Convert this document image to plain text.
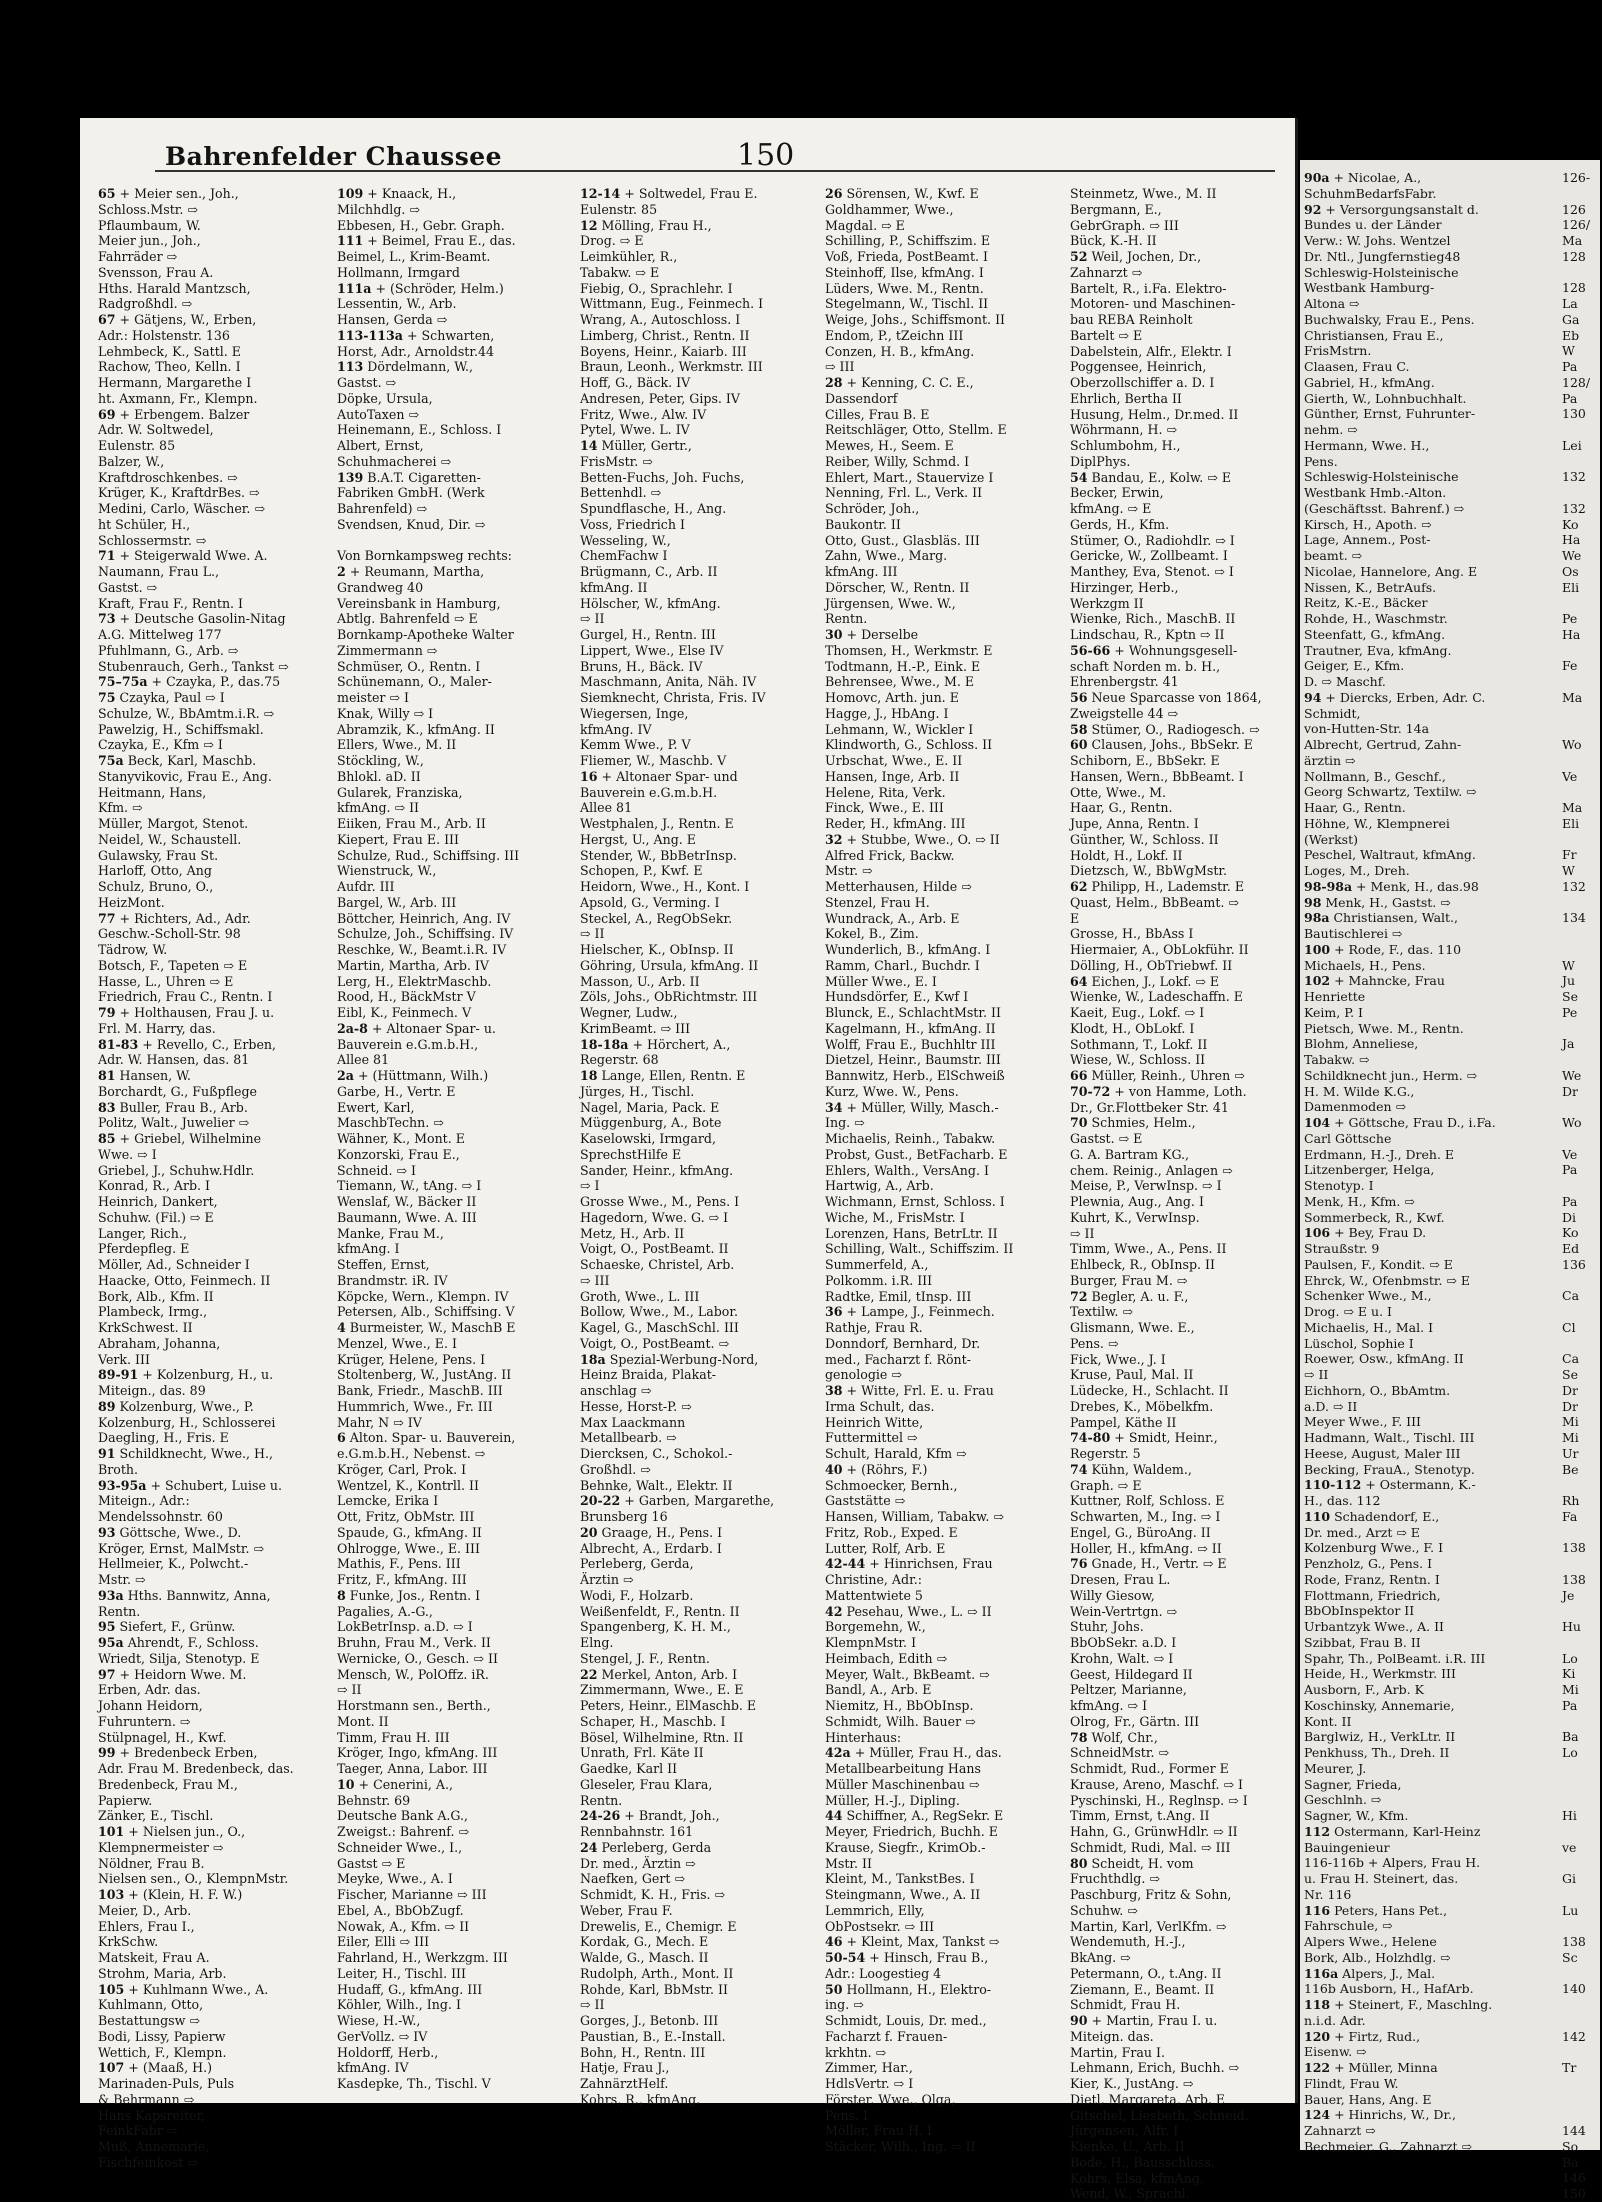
Bahrenfelder Chaussee	150
65 + Meier sen., Joh.,
Schloss.Mstr. ⇨
Pflaumbaum, W.
Meier jun., Joh.,
Fahrräder ⇨
Svensson, Frau A.
Hths. Harald Mantzsch,
Radgroßhdl. ⇨
67 + Gätjens, W., Erben,
Adr.: Holstenstr. 136
Lehmbeck, K., Sattl. E
Rachow, Theo, Kelln. I
Hermann, Margarethe I
ht. Axmann, Fr., Klempn.
69 + Erbengem. Balzer
Adr. W. Soltwedel,
Eulenstr. 85
Balzer, W.,
Kraftdroschkenbes. ⇨
Krüger, K., KraftdrBes. ⇨
Medini, Carlo, Wäscher. ⇨
ht Schüler, H.,
Schlossermstr. ⇨
71 + Steigerwald Wwe. A.
Naumann, Frau L.,
Gastst. ⇨
Kraft, Frau F., Rentn. I
73 + Deutsche Gasolin-Nitag
A.G. Mittelweg 177
Pfuhlmann, G., Arb. ⇨
Stubenrauch, Gerh., Tankst ⇨
75–75a + Czayka, P., das.75
75 Czayka, Paul ⇨ I
Schulze, W., BbAmtm.i.R. ⇨
Pawelzig, H., Schiffsmakl.
Czayka, E., Kfm ⇨ I
75a Beck, Karl, Maschb.
Stanyvikovic, Frau E., Ang.
Heitmann, Hans,
Kfm. ⇨
Müller, Margot, Stenot.
Neidel, W., Schaustell.
Gulawsky, Frau St.
Harloff, Otto, Ang
Schulz, Bruno, O.,
HeizMont.
77 + Richters, Ad., Adr.
Geschw.-Scholl-Str. 98
Tädrow, W.
Botsch, F., Tapeten ⇨ E
Hasse, L., Uhren ⇨ E
Friedrich, Frau C., Rentn. I
79 + Holthausen, Frau J. u.
Frl. M. Harry, das.
81-83 + Revello, C., Erben,
Adr. W. Hansen, das. 81
81 Hansen, W.
Borchardt, G., Fußpflege
83 Buller, Frau B., Arb.
Politz, Walt., Juwelier ⇨
85 + Griebel, Wilhelmine
Wwe. ⇨ I
Griebel, J., Schuhw.Hdlr.
Konrad, R., Arb. I
Heinrich, Dankert,
Schuhw. (Fil.) ⇨ E
Langer, Rich.,
Pferdepfleg. E
Möller, Ad., Schneider I
Haacke, Otto, Feinmech. II
Bork, Alb., Kfm. II
Plambeck, Irmg.,
KrkSchwest. II
Abraham, Johanna,
Verk. III
89-91 + Kolzenburg, H., u.
Miteign., das. 89
89 Kolzenburg, Wwe., P.
Kolzenburg, H., Schlosserei
Daegling, H., Fris. E
91 Schildknecht, Wwe., H.,
Broth.
93-95a + Schubert, Luise u.
Miteign., Adr.:
Mendelssohnstr. 60
93 Göttsche, Wwe., D.
Kröger, Ernst, MalMstr. ⇨
Hellmeier, K., Polwcht.-
Mstr. ⇨
93a Hths. Bannwitz, Anna,
Rentn.
95 Siefert, F., Grünw.
95a Ahrendt, F., Schloss.
Wriedt, Silja, Stenotyp. E
97 + Heidorn Wwe. M.
Erben, Adr. das.
Johann Heidorn,
Fuhruntern. ⇨
Stülpnagel, H., Kwf.
99 + Bredenbeck Erben,
Adr. Frau M. Bredenbeck, das.
Bredenbeck, Frau M.,
Papierw.
Zänker, E., Tischl.
101 + Nielsen jun., O.,
Klempnermeister ⇨
Nöldner, Frau B.
Nielsen sen., O., KlempnMstr.
103 + (Klein, H. F. W.)
Meier, D., Arb.
Ehlers, Frau I.,
KrkSchw.
Matskeit, Frau A.
Strohm, Maria, Arb.
105 + Kuhlmann Wwe., A.
Kuhlmann, Otto,
Bestattungsw ⇨
Bodi, Lissy, Papierw
Wettich, F., Klempn.
107 + (Maaß, H.)
Marinaden-Puls, Puls
& Behrmann ⇨
Hans Kapsreiter,
FeinkFabr ⇨
Muß, Annemarie,
Fischfeinkost ⇨
109 + Knaack, H.,
Milchhdlg. ⇨
Ebbesen, H., Gebr. Graph.
111 + Beimel, Frau E., das.
Beimel, L., Krim-Beamt.
Hollmann, Irmgard
111a + (Schröder, Helm.)
Lessentin, W., Arb.
Hansen, Gerda ⇨
113-113a + Schwarten,
Horst, Adr., Arnoldstr.44
113 Dördelmann, W.,
Gastst. ⇨
Döpke, Ursula,
AutoTaxen ⇨
Heinemann, E., Schloss. I
Albert, Ernst,
Schuhmacherei ⇨
139 B.A.T. Cigaretten-
Fabriken GmbH. (Werk
Bahrenfeld) ⇨
Svendsen, Knud, Dir. ⇨

Von Bornkampsweg rechts:
2 + Reumann, Martha,
Grandweg 40
Vereinsbank in Hamburg,
Abtlg. Bahrenfeld ⇨ E
Bornkamp-Apotheke Walter
Zimmermann ⇨
Schmüser, O., Rentn. I
Schünemann, O., Maler-
meister ⇨ I
Knak, Willy ⇨ I
Abramzik, K., kfmAng. II
Ellers, Wwe., M. II
Stöckling, W.,
Bhlokl. aD. II
Gularek, Franziska,
kfmAng. ⇨ II
Eiiken, Frau M., Arb. II
Kiepert, Frau E. III
Schulze, Rud., Schiffsing. III
Wienstruck, W.,
Aufdr. III
Bargel, W., Arb. III
Böttcher, Heinrich, Ang. IV
Schulze, Joh., Schiffsing. IV
Reschke, W., Beamt.i.R. IV
Martin, Martha, Arb. IV
Lerg, H., ElektrMaschb.
Rood, H., BäckMstr V
Eibl, K., Feinmech. V
2a-8 + Altonaer Spar- u.
Bauverein e.G.m.b.H.,
Allee 81
2a + (Hüttmann, Wilh.)
Garbe, H., Vertr. E
Ewert, Karl,
MaschbTechn. ⇨
Wähner, K., Mont. E
Konzorski, Frau E.,
Schneid. ⇨ I
Tiemann, W., tAng. ⇨ I
Wenslaf, W., Bäcker II
Baumann, Wwe. A. III
Manke, Frau M.,
kfmAng. I
Steffen, Ernst,
Brandmstr. iR. IV
Köpcke, Wern., Klempn. IV
Petersen, Alb., Schiffsing. V
4 Burmeister, W., MaschB E
Menzel, Wwe., E. I
Krüger, Helene, Pens. I
Stoltenberg, W., JustAng. II
Bank, Friedr., MaschB. III
Hummrich, Wwe., Fr. III
Mahr, N ⇨ IV
6 Alton. Spar- u. Bauverein,
e.G.m.b.H., Nebenst. ⇨
Kröger, Carl, Prok. I
Wentzel, K., Kontrll. II
Lemcke, Erika I
Ott, Fritz, ObMstr. III
Spaude, G., kfmAng. II
Ohlrogge, Wwe., E. III
Mathis, F., Pens. III
Fritz, F., kfmAng. III
8 Funke, Jos., Rentn. I
Pagalies, A.-G.,
LokBetrInsp. a.D. ⇨ I
Bruhn, Frau M., Verk. II
Wernicke, O., Gesch. ⇨ II
Mensch, W., PolOffz. iR.
⇨ II
Horstmann sen., Berth.,
Mont. II
Timm, Frau H. III
Kröger, Ingo, kfmAng. III
Taeger, Anna, Labor. III
10 + Cenerini, A.,
Behnstr. 69
Deutsche Bank A.G.,
Zweigst.: Bahrenf. ⇨
Schneider Wwe., I.,
Gastst ⇨ E
Meyke, Wwe., A. I
Fischer, Marianne ⇨ III
Ebel, A., BbObZugf.
Nowak, A., Kfm. ⇨ II
Eiler, Elli ⇨ III
Fahrland, H., Werkzgm. III
Leiter, H., Tischl. III
Hudaff, G., kfmAng. III
Köhler, Wilh., Ing. I
Wiese, H.-W.,
GerVollz. ⇨ IV
Holdorff, Herb.,
kfmAng. IV
Kasdepke, Th., Tischl. V
12-14 + Soltwedel, Frau E.
Eulenstr. 85
12 Mölling, Frau H.,
Drog. ⇨ E
Leimkühler, R.,
Tabakw. ⇨ E
Fiebig, O., Sprachlehr. I
Wittmann, Eug., Feinmech. I
Wrang, A., Autoschloss. I
Limberg, Christ., Rentn. II
Boyens, Heinr., Kaiarb. III
Braun, Leonh., Werkmstr. III
Hoff, G., Bäck. IV
Andresen, Peter, Gips. IV
Fritz, Wwe., Alw. IV
Pytel, Wwe. L. IV
14 Müller, Gertr.,
FrisMstr. ⇨
Betten-Fuchs, Joh. Fuchs,
Bettenhdl. ⇨
Spundflasche, H., Ang.
Voss, Friedrich I
Wesseling, W.,
ChemFachw I
Brügmann, C., Arb. II
kfmAng. II
Hölscher, W., kfmAng.
⇨ II
Gurgel, H., Rentn. III
Lippert, Wwe., Else IV
Bruns, H., Bäck. IV
Maschmann, Anita, Näh. IV
Siemknecht, Christa, Fris. IV
Wiegersen, Inge,
kfmAng. IV
Kemm Wwe., P. V
Fliemer, W., Maschb. V
16 + Altonaer Spar- und
Bauverein e.G.m.b.H.
Allee 81
Westphalen, J., Rentn. E
Hergst, U., Ang. E
Stender, W., BbBetrInsp.
Schopen, P., Kwf. E
Heidorn, Wwe., H., Kont. I
Apsold, G., Verming. I
Steckel, A., RegObSekr.
⇨ II
Hielscher, K., ObInsp. II
Göhring, Ursula, kfmAng. II
Masson, U., Arb. II
Zöls, Johs., ObRichtmstr. III
Wegner, Ludw.,
KrimBeamt. ⇨ III
18-18a + Hörchert, A.,
Regerstr. 68
18 Lange, Ellen, Rentn. E
Jürges, H., Tischl.
Nagel, Maria, Pack. E
Müggenburg, A., Bote
Kaselowski, Irmgard,
SprechstHilfe E
Sander, Heinr., kfmAng.
⇨ I
Grosse Wwe., M., Pens. I
Hagedorn, Wwe. G. ⇨ I
Metz, H., Arb. II
Voigt, O., PostBeamt. II
Schaeske, Christel, Arb.
⇨ III
Groth, Wwe., L. III
Bollow, Wwe., M., Labor.
Kagel, G., MaschSchl. III
Voigt, O., PostBeamt. ⇨
18a Spezial-Werbung-Nord,
Heinz Braida, Plakat-
anschlag ⇨
Hesse, Horst-P. ⇨
Max Laackmann
Metallbearb. ⇨
Diercksen, C., Schokol.-
Großhdl. ⇨
Behnke, Walt., Elektr. II
20-22 + Garben, Margarethe,
Brunsberg 16
20 Graage, H., Pens. I
Albrecht, A., Erdarb. I
Perleberg, Gerda,
Ärztin ⇨
Wodi, F., Holzarb.
Weißenfeldt, F., Rentn. II
Spangenberg, K. H. M.,
Elng.
Stengel, J. F., Rentn.
22 Merkel, Anton, Arb. I
Zimmermann, Wwe., E. E
Peters, Heinr., ElMaschb. E
Schaper, H., Maschb. I
Bösel, Wilhelmine, Rtn. II
Unrath, Frl. Käte II
Gaedke, Karl II
Gleseler, Frau Klara,
Rentn.
24-26 + Brandt, Joh.,
Rennbahnstr. 161
24 Perleberg, Gerda
Dr. med., Ärztin ⇨
Naefken, Gert ⇨
Schmidt, K. H., Fris. ⇨
Weber, Frau F.
Drewelis, E., Chemigr. E
Kordak, G., Mech. E
Walde, G., Masch. II
Rudolph, Arth., Mont. II
Rohde, Karl, BbMstr. II
⇨ II
Gorges, J., Betonb. III
Paustian, B., E.-Install.
Bohn, H., Rentn. III
Hatje, Frau J.,
ZahnärztHelf.
Kohrs, R., kfmAng.
26 Sörensen, W., Kwf. E
Goldhammer, Wwe.,
Magdal. ⇨ E
Schilling, P., Schiffszim. E
Voß, Frieda, PostBeamt. I
Steinhoff, Ilse, kfmAng. I
Lüders, Wwe. M., Rentn.
Stegelmann, W., Tischl. II
Weige, Johs., Schiffsmont. II
Endom, P., tZeichn III
Conzen, H. B., kfmAng.
⇨ III
28 + Kenning, C. C. E.,
Dassendorf
Cilles, Frau B. E
Reitschläger, Otto, Stellm. E
Mewes, H., Seem. E
Reiber, Willy, Schmd. I
Ehlert, Mart., Stauervize I
Nenning, Frl. L., Verk. II
Schröder, Joh.,
Baukontr. II
Otto, Gust., Glasbläs. III
Zahn, Wwe., Marg.
kfmAng. III
Dörscher, W., Rentn. II
Jürgensen, Wwe. W.,
Rentn.
30 + Derselbe
Thomsen, H., Werkmstr. E
Todtmann, H.-P., Eink. E
Behrensee, Wwe., M. E
Homovc, Arth. jun. E
Hagge, J., HbAng. I
Lehmann, W., Wickler I
Klindworth, G., Schloss. II
Urbschat, Wwe., E. II
Hansen, Inge, Arb. II
Helene, Rita, Verk.
Finck, Wwe., E. III
Reder, H., kfmAng. III
32 + Stubbe, Wwe., O. ⇨ II
Alfred Frick, Backw.
Mstr. ⇨
Metterhausen, Hilde ⇨
Stenzel, Frau H.
Wundrack, A., Arb. E
Kokel, B., Zim.
Wunderlich, B., kfmAng. I
Ramm, Charl., Buchdr. I
Müller Wwe., E. I
Hundsdörfer, E., Kwf I
Blunck, E., SchlachtMstr. II
Kagelmann, H., kfmAng. II
Wolff, Frau E., Buchhltr III
Dietzel, Heinr., Baumstr. III
Bannwitz, Herb., ElSchweiß
Kurz, Wwe. W., Pens.
34 + Müller, Willy, Masch.-
Ing. ⇨
Michaelis, Reinh., Tabakw.
Probst, Gust., BetFacharb. E
Ehlers, Walth., VersAng. I
Hartwig, A., Arb.
Wichmann, Ernst, Schloss. I
Wiche, M., FrisMstr. I
Lorenzen, Hans, BetrLtr. II
Schilling, Walt., Schiffszim. II
Summerfeld, A.,
Polkomm. i.R. III
Radtke, Emil, tInsp. III
36 + Lampe, J., Feinmech.
Rathje, Frau R.
Donndorf, Bernhard, Dr.
med., Facharzt f. Rönt-
genologie ⇨
38 + Witte, Frl. E. u. Frau
Irma Schult, das.
Heinrich Witte,
Futtermittel ⇨
Schult, Harald, Kfm ⇨
40 + (Röhrs, F.)
Schmoecker, Bernh.,
Gaststätte ⇨
Hansen, William, Tabakw. ⇨
Fritz, Rob., Exped. E
Lutter, Rolf, Arb. E
42-44 + Hinrichsen, Frau
Christine, Adr.:
Mattentwiete 5
42 Pesehau, Wwe., L. ⇨ II
Borgemehn, W.,
KlempnMstr. I
Heimbach, Edith ⇨
Meyer, Walt., BkBeamt. ⇨
Bandl, A., Arb. E
Niemitz, H., BbObInsp.
Schmidt, Wilh. Bauer ⇨
Hinterhaus:
42a + Müller, Frau H., das.
Metallbearbeitung Hans
Müller Maschinenbau ⇨
Müller, H.-J., Dipling.
44 Schiffner, A., RegSekr. E
Meyer, Friedrich, Buchh. E
Krause, Siegfr., KrimOb.-
Mstr. II
Kleint, M., TankstBes. I
Steingmann, Wwe., A. II
Lemmrich, Elly,
ObPostsekr. ⇨ III
46 + Kleint, Max, Tankst ⇨
50-54 + Hinsch, Frau B.,
Adr.: Loogestieg 4
50 Hollmann, H., Elektro-
ing. ⇨
Schmidt, Louis, Dr. med.,
Facharzt f. Frauen-
krkhtn. ⇨
Zimmer, Har.,
HdlsVertr. ⇨ I
Förster, Wwe., Olga,
Pens. I
Möller, Frau H. I
Stäcker, Wilh., Ing. ⇨ II
Steinmetz, Wwe., M. II
Bergmann, E.,
GebrGraph. ⇨ III
Bück, K.-H. II
52 Weil, Jochen, Dr.,
Zahnarzt ⇨
Bartelt, R., i.Fa. Elektro-
Motoren- und Maschinen-
bau REBA Reinholt
Bartelt ⇨ E
Dabelstein, Alfr., Elektr. I
Poggensee, Heinrich,
Oberzollschiffer a. D. I
Ehrlich, Bertha II
Husung, Helm., Dr.med. II
Wöhrmann, H. ⇨
Schlumbohm, H.,
DiplPhys.
54 Bandau, E., Kolw. ⇨ E
Becker, Erwin,
kfmAng. ⇨ E
Gerds, H., Kfm.
Stümer, O., Radiohdlr. ⇨ I
Gericke, W., Zollbeamt. I
Manthey, Eva, Stenot. ⇨ I
Hirzinger, Herb.,
Werkzgm II
Wienke, Rich., MaschB. II
Lindschau, R., Kptn ⇨ II
56-66 + Wohnungsgesell-
schaft Norden m. b. H.,
Ehrenbergstr. 41
56 Neue Sparcasse von 1864,
Zweigstelle 44 ⇨
58 Stümer, O., Radiogesch. ⇨
60 Clausen, Johs., BbSekr. E
Schiborn, E., BbSekr. E
Hansen, Wern., BbBeamt. I
Otte, Wwe., M.
Haar, G., Rentn.
Jupe, Anna, Rentn. I
Günther, W., Schloss. II
Holdt, H., Lokf. II
Dietzsch, W., BbWgMstr.
62 Philipp, H., Lademstr. E
Quast, Helm., BbBeamt. ⇨
E
Grosse, H., BbAss I
Hiermaier, A., ObLokführ. II
Dölling, H., ObTriebwf. II
64 Eichen, J., Lokf. ⇨ E
Wienke, W., Ladeschaffn. E
Kaeit, Eug., Lokf. ⇨ I
Klodt, H., ObLokf. I
Sothmann, T., Lokf. II
Wiese, W., Schloss. II
66 Müller, Reinh., Uhren ⇨
70-72 + von Hamme, Loth.
Dr., Gr.Flottbeker Str. 41
70 Schmies, Helm.,
Gastst. ⇨ E
G. A. Bartram KG.,
chem. Reinig., Anlagen ⇨
Meise, P., VerwInsp. ⇨ I
Plewnia, Aug., Ang. I
Kuhrt, K., VerwInsp.
⇨ II
Timm, Wwe., A., Pens. II
Ehlbeck, R., ObInsp. II
Burger, Frau M. ⇨
72 Begler, A. u. F.,
Textilw. ⇨
Glismann, Wwe. E.,
Pens. ⇨
Fick, Wwe., J. I
Kruse, Paul, Mal. II
Lüdecke, H., Schlacht. II
Drebes, K., Möbelkfm.
Pampel, Käthe II
74-80 + Smidt, Heinr.,
Regerstr. 5
74 Kühn, Waldem.,
Graph. ⇨ E
Kuttner, Rolf, Schloss. E
Schwarten, M., Ing. ⇨ I
Engel, G., BüroAng. II
Holler, H., kfmAng. ⇨ II
76 Gnade, H., Vertr. ⇨ E
Dresen, Frau L.
Willy Giesow,
Wein-Vertrtgn. ⇨
Stuhr, Johs.
BbObSekr. a.D. I
Krohn, Walt. ⇨ I
Geest, Hildegard II
Peltzer, Marianne,
kfmAng. ⇨ I
Olrog, Fr., Gärtn. III
78 Wolf, Chr.,
SchneidMstr. ⇨
Schmidt, Rud., Former E
Krause, Areno, Maschf. ⇨ I
Pyschinski, H., Reglnsp. ⇨ I
Timm, Ernst, t.Ang. II
Hahn, G., GrünwHdlr. ⇨ II
Schmidt, Rudi, Mal. ⇨ III
80 Scheidt, H. vom
Fruchthdlg. ⇨
Paschburg, Fritz & Sohn,
Schuhw. ⇨
Martin, Karl, VerlKfm. ⇨
Wendemuth, H.-J.,
BkAng. ⇨
Petermann, O., t.Ang. II
Ziemann, E., Beamt. II
Schmidt, Frau H.
90 + Martin, Frau I. u.
Miteign. das.
Martin, Frau I.
Lehmann, Erich, Buchh. ⇨
Kier, K., JustAng. ⇨
Dietl, Margareta, Arb. E
Gitschel, Liesbeth, Schneid.
Jürgensen, Alfr. I
Kienke, U., Arb. II
Bode, H., Bausschloss.
Kohrs, Elsa, kfmAng.
Wend, W., Sprachl.
90a + Nicolae, A.,
SchuhmBedarfsFabr.
92 + Versorgungsanstalt d.
Bundes u. der Länder
Verw.: W. Johs. Wentzel
Dr. Ntl., Jungfernstieg48
Schleswig-Holsteinische
Westbank Hamburg-
Altona ⇨
Buchwalsky, Frau E., Pens.
Christiansen, Frau E.,
FrisMstrn.
Claasen, Frau C.
Gabriel, H., kfmAng.
Gierth, W., Lohnbuchhalt.
Günther, Ernst, Fuhrunter-
nehm. ⇨
Hermann, Wwe. H.,
Pens.
Schleswig-Holsteinische
Westbank Hmb.-Alton.
(Geschäftsst. Bahrenf.) ⇨
Kirsch, H., Apoth. ⇨
Lage, Annem., Post-
beamt. ⇨
Nicolae, Hannelore, Ang. E
Nissen, K., BetrAufs.
Reitz, K.-E., Bäcker
Rohde, H., Waschmstr.
Steenfatt, G., kfmAng.
Trautner, Eva, kfmAng.
Geiger, E., Kfm.
D. ⇨ Maschf.
94 + Diercks, Erben, Adr. C.
Schmidt,
von-Hutten-Str. 14a
Albrecht, Gertrud, Zahn-
ärztin ⇨
Nollmann, B., Geschf.,
Georg Schwartz, Textilw. ⇨
Haar, G., Rentn.
Höhne, W., Klempnerei
(Werkst)
Peschel, Waltraut, kfmAng.
Loges, M., Dreh.
98-98a + Menk, H., das.98
98 Menk, H., Gastst. ⇨
98a Christiansen, Walt.,
Bautischlerei ⇨
100 + Rode, F., das. 110
Michaels, H., Pens.
102 + Mahncke, Frau
Henriette
Keim, P. I
Pietsch, Wwe. M., Rentn.
Blohm, Anneliese,
Tabakw. ⇨
Schildknecht jun., Herm. ⇨
H. M. Wilde K.G.,
Damenmoden ⇨
104 + Göttsche, Frau D., i.Fa.
Carl Göttsche
Erdmann, H.-J., Dreh. E
Litzenberger, Helga,
Stenotyp. I
Menk, H., Kfm. ⇨
Sommerbeck, R., Kwf.
106 + Bey, Frau D.
Straußstr. 9
Paulsen, F., Kondit. ⇨ E
Ehrck, W., Ofenbmstr. ⇨ E
Schenker Wwe., M.,
Drog. ⇨ E u. I
Michaelis, H., Mal. I
Lüschol, Sophie I
Roewer, Osw., kfmAng. II
⇨ II
Eichhorn, O., BbAmtm.
a.D. ⇨ II
Meyer Wwe., F. III
Hadmann, Walt., Tischl. III
Heese, August, Maler III
Becking, FrauA., Stenotyp.
110-112 + Ostermann, K.-
H., das. 112
110 Schadendorf, E.,
Dr. med., Arzt ⇨ E
Kolzenburg Wwe., F. I
Penzholz, G., Pens. I
Rode, Franz, Rentn. I
Flottmann, Friedrich,
BbObInspektor II
Urbantzyk Wwe., A. II
Szibbat, Frau B. II
Spahr, Th., PolBeamt. i.R. III
Heide, H., Werkmstr. III
Ausborn, F., Arb. K
Koschinsky, Annemarie,
Kont. II
Barglwiz, H., VerkLtr. II
Penkhuss, Th., Dreh. II
Meurer, J.
Sagner, Frieda,
Geschlnh. ⇨
Sagner, W., Kfm.
112 Ostermann, Karl-Heinz
Bauingenieur
116-116b + Alpers, Frau H.
u. Frau H. Steinert, das.
Nr. 116
116 Peters, Hans Pet.,
Fahrschule, ⇨
Alpers Wwe., Helene
Bork, Alb., Holzhdlg. ⇨
116a Alpers, J., Mal.
116b Ausborn, H., HafArb.
118 + Steinert, F., Maschlng.
n.i.d. Adr.
120 + Firtz, Rud.,
Eisenw. ⇨
122 + Müller, Minna
Flindt, Frau W.
Bauer, Hans, Ang. E
124 + Hinrichs, W., Dr.,
Zahnarzt ⇨
Bechmeier, G., Zahnarzt ⇨
126-

126
126/
Ma
128

128
La
Ga
Eb
W
Pa
128/
Pa
130

Lei

132

132
Ko
Ha
We
Os
Eli

Pe
Ha

Fe

Ma

Wo

Ve

Ma
Eli

Fr
W
132

134

W
Ju
Se
Pe

Ja

We
Dr

Wo

Ve
Pa

Pa
Di
Ko
Ed
136

Ca

Cl

Ca
Se
Dr
Dr
Mi
Mi
Ur
Be

Rh
Fa

138

138
Je

Hu

Lo
Ki
Mi
Pa

Ba
Lo

Hi

ve

Gi

Lu

138
Sc

140

142

Tr

144
So
Ba
146
150
